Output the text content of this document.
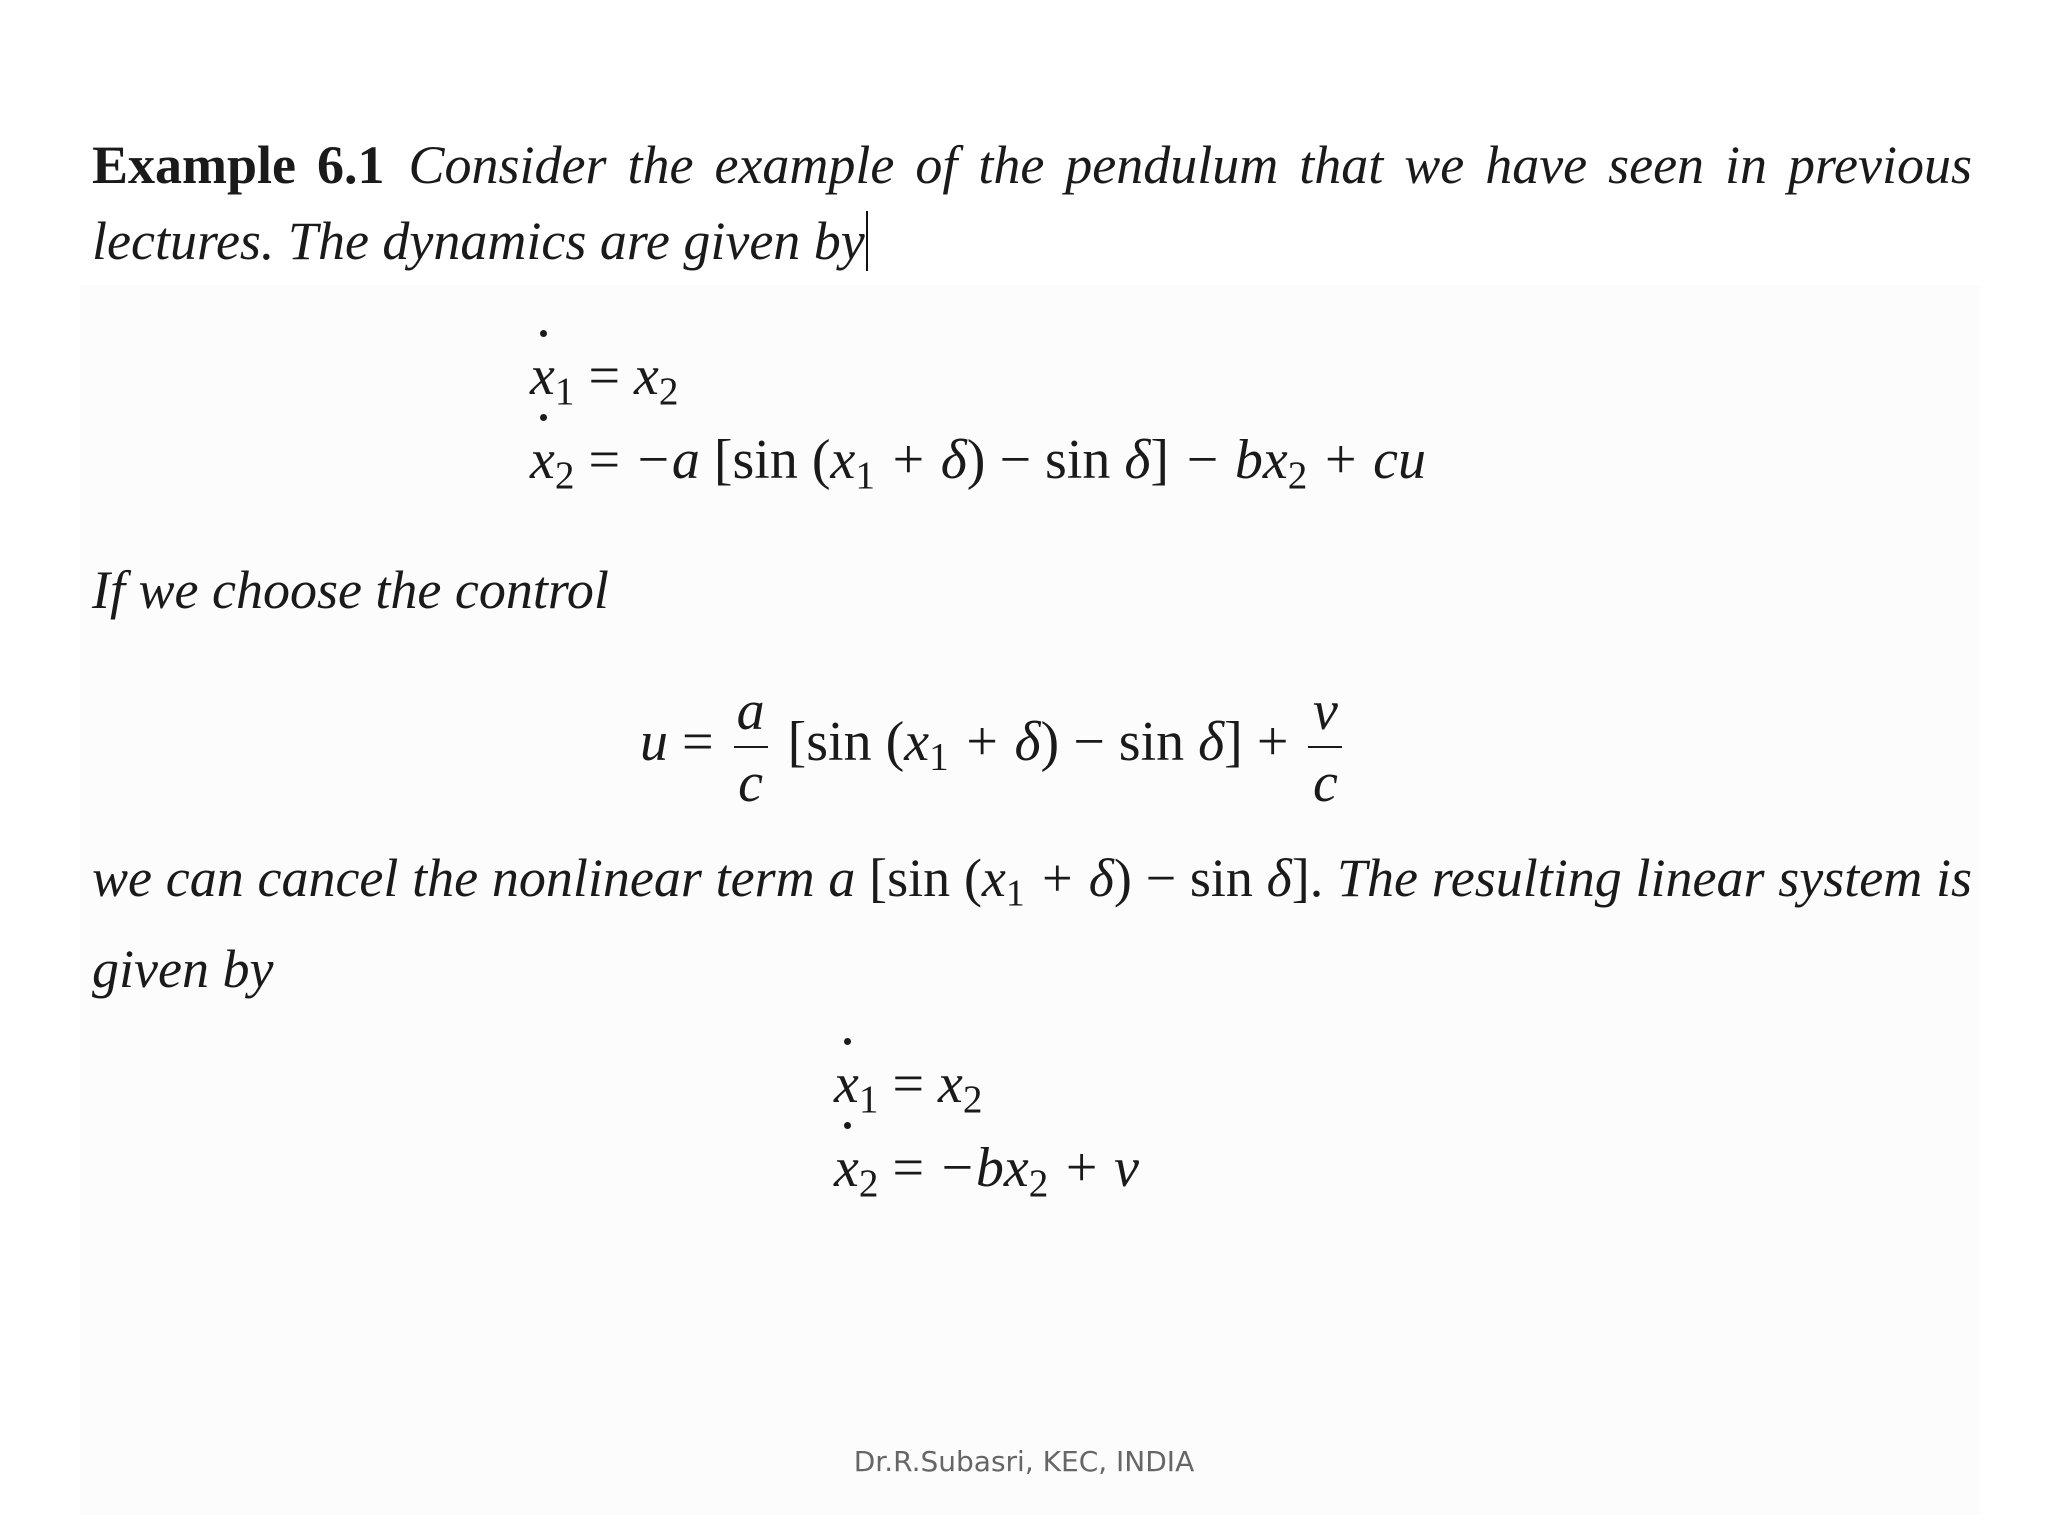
Example 6.1 Consider the example of the pendulum that we have seen in previous lectures. The dynamics are given by
$x_1 = x_2$
$x_2 = -a$ [sin $(x_1 + \delta) - \sin \delta] - bx_2$ + cu
If we choose the control
$u = \frac{a}{c} [\sin$ $(x_1 + \delta) - \sin \delta] + \frac{v}{c}$
we can cancel the nonlinear term a [sin $(x_1 + \delta) - \sin \delta$]. The resulting linear system is given by
$x_1 = x_2$
$x_2 = -bx_2 + v$
Dr.R.Subasri, KEC, INDIA
